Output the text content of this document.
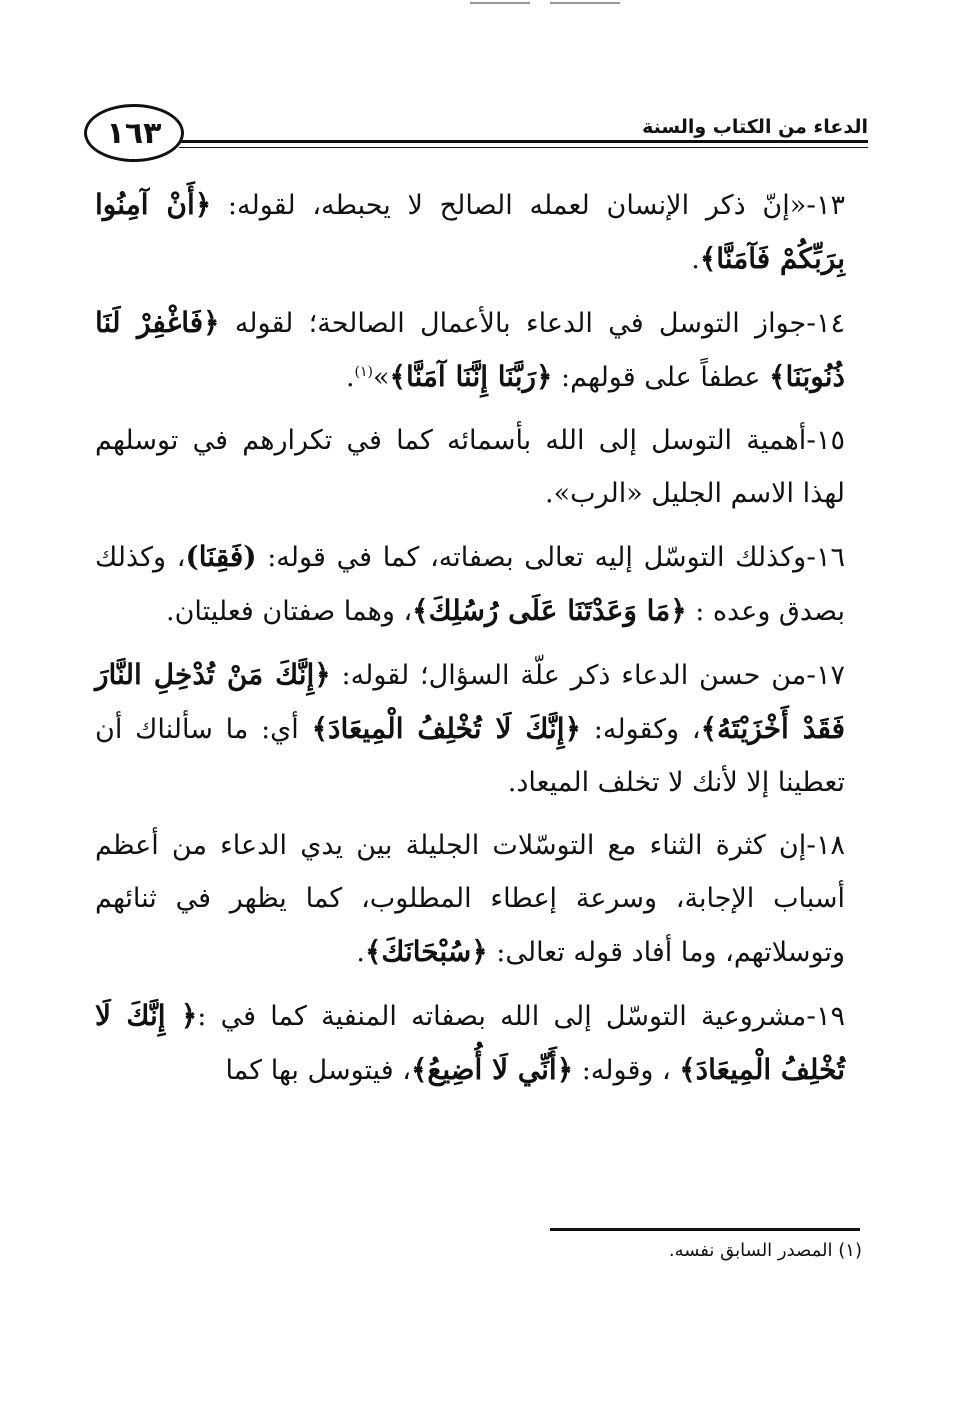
١٦٣	الدعاء من الكتاب والسنة

١٣-«إنّ ذكر الإنسان لعمله الصالح لا يحبطه، لقوله: ﴿أَنْ آمِنُوا بِرَبِّكُمْ فَآمَنَّا﴾.

١٤-جواز التوسل في الدعاء بالأعمال الصالحة؛ لقوله ﴿فَاغْفِرْ لَنَا ذُنُوبَنَا﴾ عطفاً على قولهم: ﴿رَبَّنَا إِنَّنَا آمَنَّا﴾»$^{(١)}$.

١٥-أهمية التوسل إلى الله بأسمائه كما في تكرارهم في توسلهم لهذا الاسم الجليل «الرب».

١٦-وكذلك التوسّل إليه تعالى بصفاته، كما في قوله: (فَقِنَا)، وكذلك بصدق وعده : ﴿مَا وَعَدْتَنَا عَلَى رُسُلِكَ﴾، وهما صفتان فعليتان.

١٧-من حسن الدعاء ذكر علّة السؤال؛ لقوله: ﴿إِنَّكَ مَنْ تُدْخِلِ النَّارَ فَقَدْ أَخْزَيْتَهُ﴾، وكقوله: ﴿إِنَّكَ لَا تُخْلِفُ الْمِيعَادَ﴾ أي: ما سألناك أن تعطينا إلا لأنك لا تخلف الميعاد.

١٨-إن كثرة الثناء مع التوسّلات الجليلة بين يدي الدعاء من أعظم أسباب الإجابة، وسرعة إعطاء المطلوب، كما يظهر في ثنائهم وتوسلاتهم، وما أفاد قوله تعالى: ﴿سُبْحَانَكَ﴾.

١٩-مشروعية التوسّل إلى الله بصفاته المنفية كما في :﴿ إِنَّكَ لَا تُخْلِفُ الْمِيعَادَ﴾ ، وقوله: ﴿أَنِّي لَا أُضِيعُ﴾، فيتوسل بها كما

(١) المصدر السابق نفسه.
